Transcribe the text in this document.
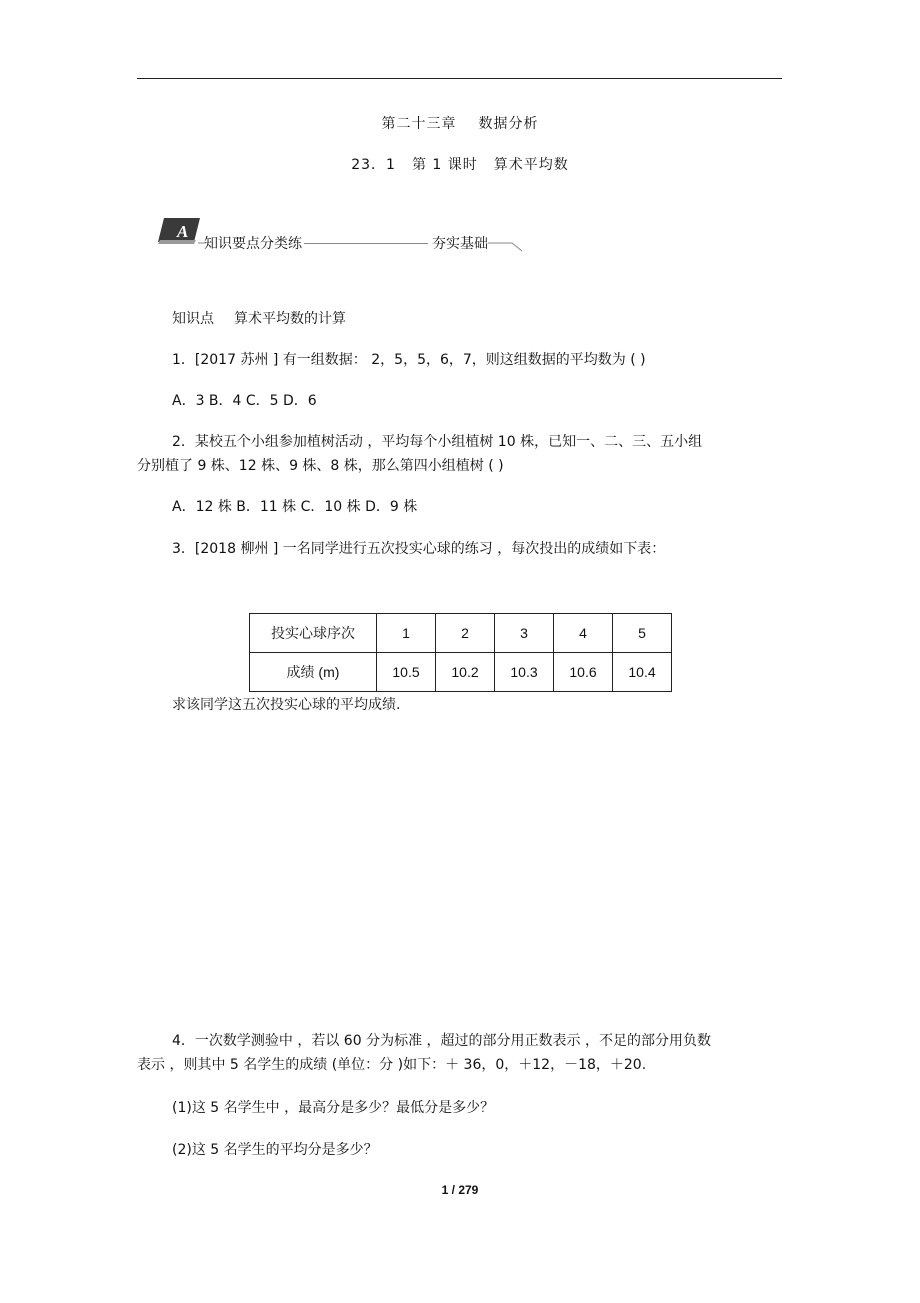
第二十三章 数据分析
23．1 第 1 课时 算术平均数
A
知识要点分类练	夯实基础
知识点 算术平均数的计算
1．[2017 苏州 ] 有一组数据： 2，5，5，6，7，则这组数据的平均数为 ( )
A．3 B．4 C．5 D．6
2．某校五个小组参加植树活动 ，平均每个小组植树 10 株，已知一、二、三、五小组
分别植了 9 株、12 株、9 株、8 株，那么第四小组植树 ( )
A．12 株 B．11 株 C．10 株 D．9 株
3．[2018 柳州 ] 一名同学进行五次投实心球的练习 ，每次投出的成绩如下表：
投实心球序次	1	2	3	4	5
成绩 (m)	10.5	10.2	10.3	10.6	10.4
求该同学这五次投实心球的平均成绩.
4．一次数学测验中 ，若以 60 分为标准 ，超过的部分用正数表示 ，不足的部分用负数
表示 ，则其中 5 名学生的成绩 (单位：分 )如下：＋ 36，0，＋12，－18，＋20.
(1)这 5 名学生中 ，最高分是多少？最低分是多少？
(2)这 5 名学生的平均分是多少？
1 / 279
